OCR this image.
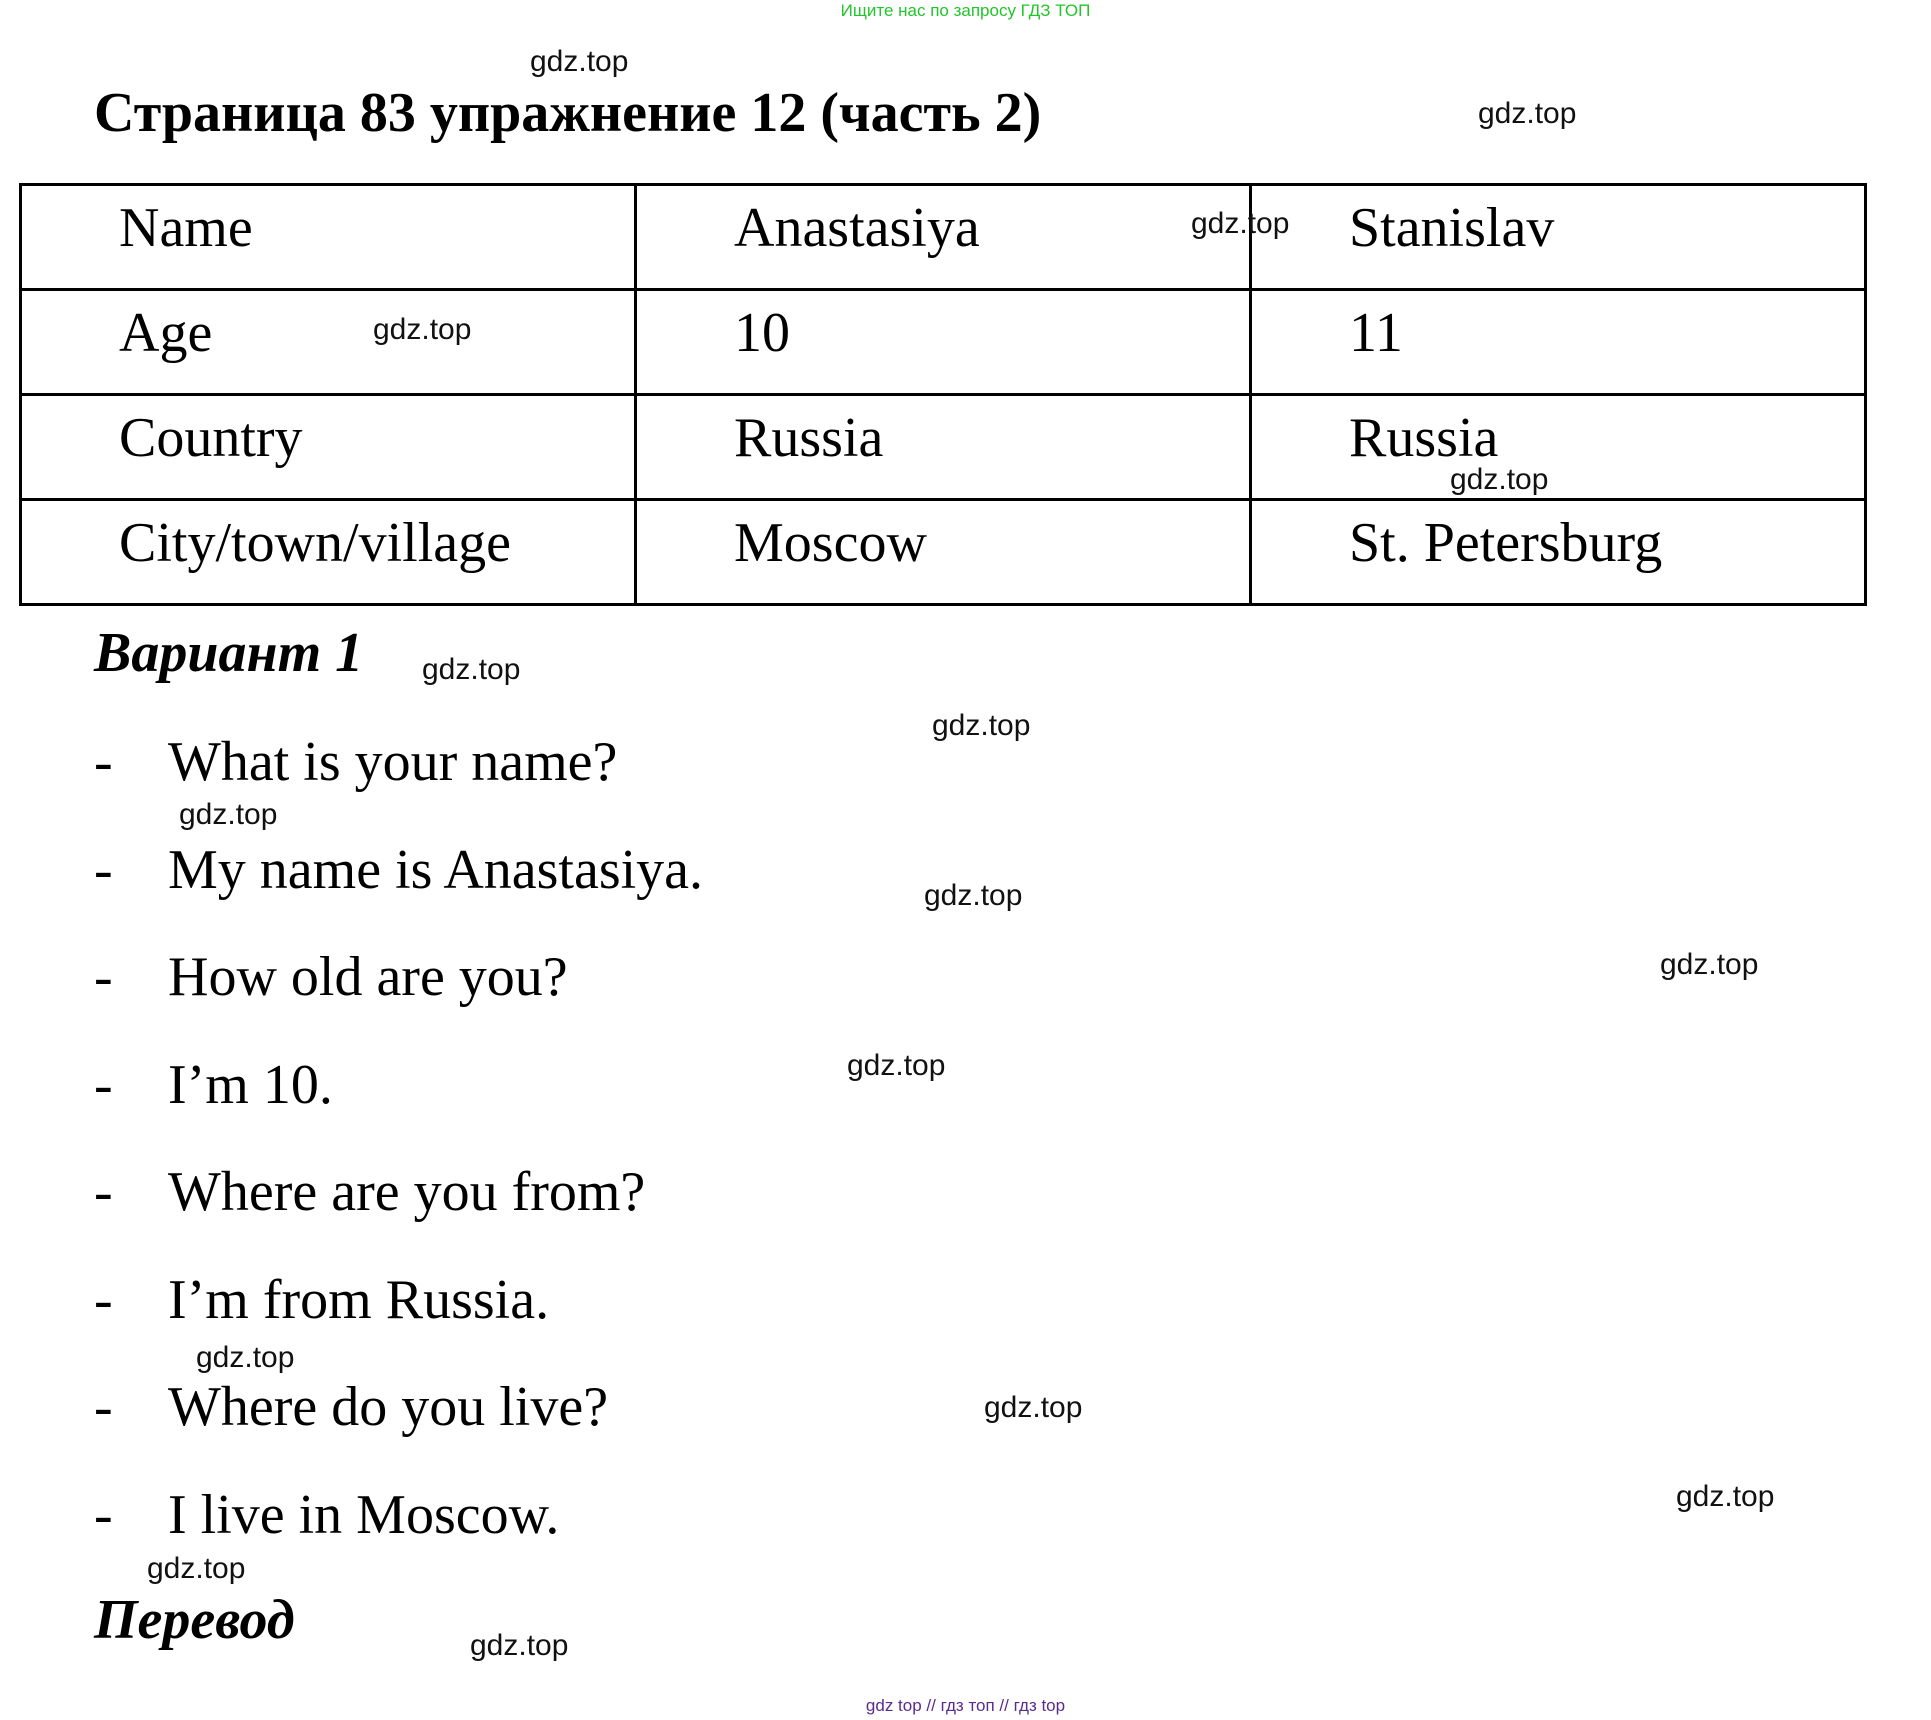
Ищите нас по запросу ГДЗ ТОП
Страница 83 упражнение 12 (часть 2)
Name	Anastasiya	Stanislav
Age	10	11
Country	Russia	Russia
City/town/village	Moscow	St. Petersburg
Вариант 1
- What is your name?
- My name is Anastasiya.
- How old are you?
- I’m 10.
- Where are you from?
- I’m from Russia.
- Where do you live?
- I live in Moscow.
Перевод
gdz.top
gdz.top
gdz.top
gdz.top
gdz.top
gdz.top
gdz.top
gdz.top
gdz.top
gdz.top
gdz.top
gdz.top
gdz.top
gdz.top
gdz.top
gdz.top
gdz top // гдз топ // гдз top
